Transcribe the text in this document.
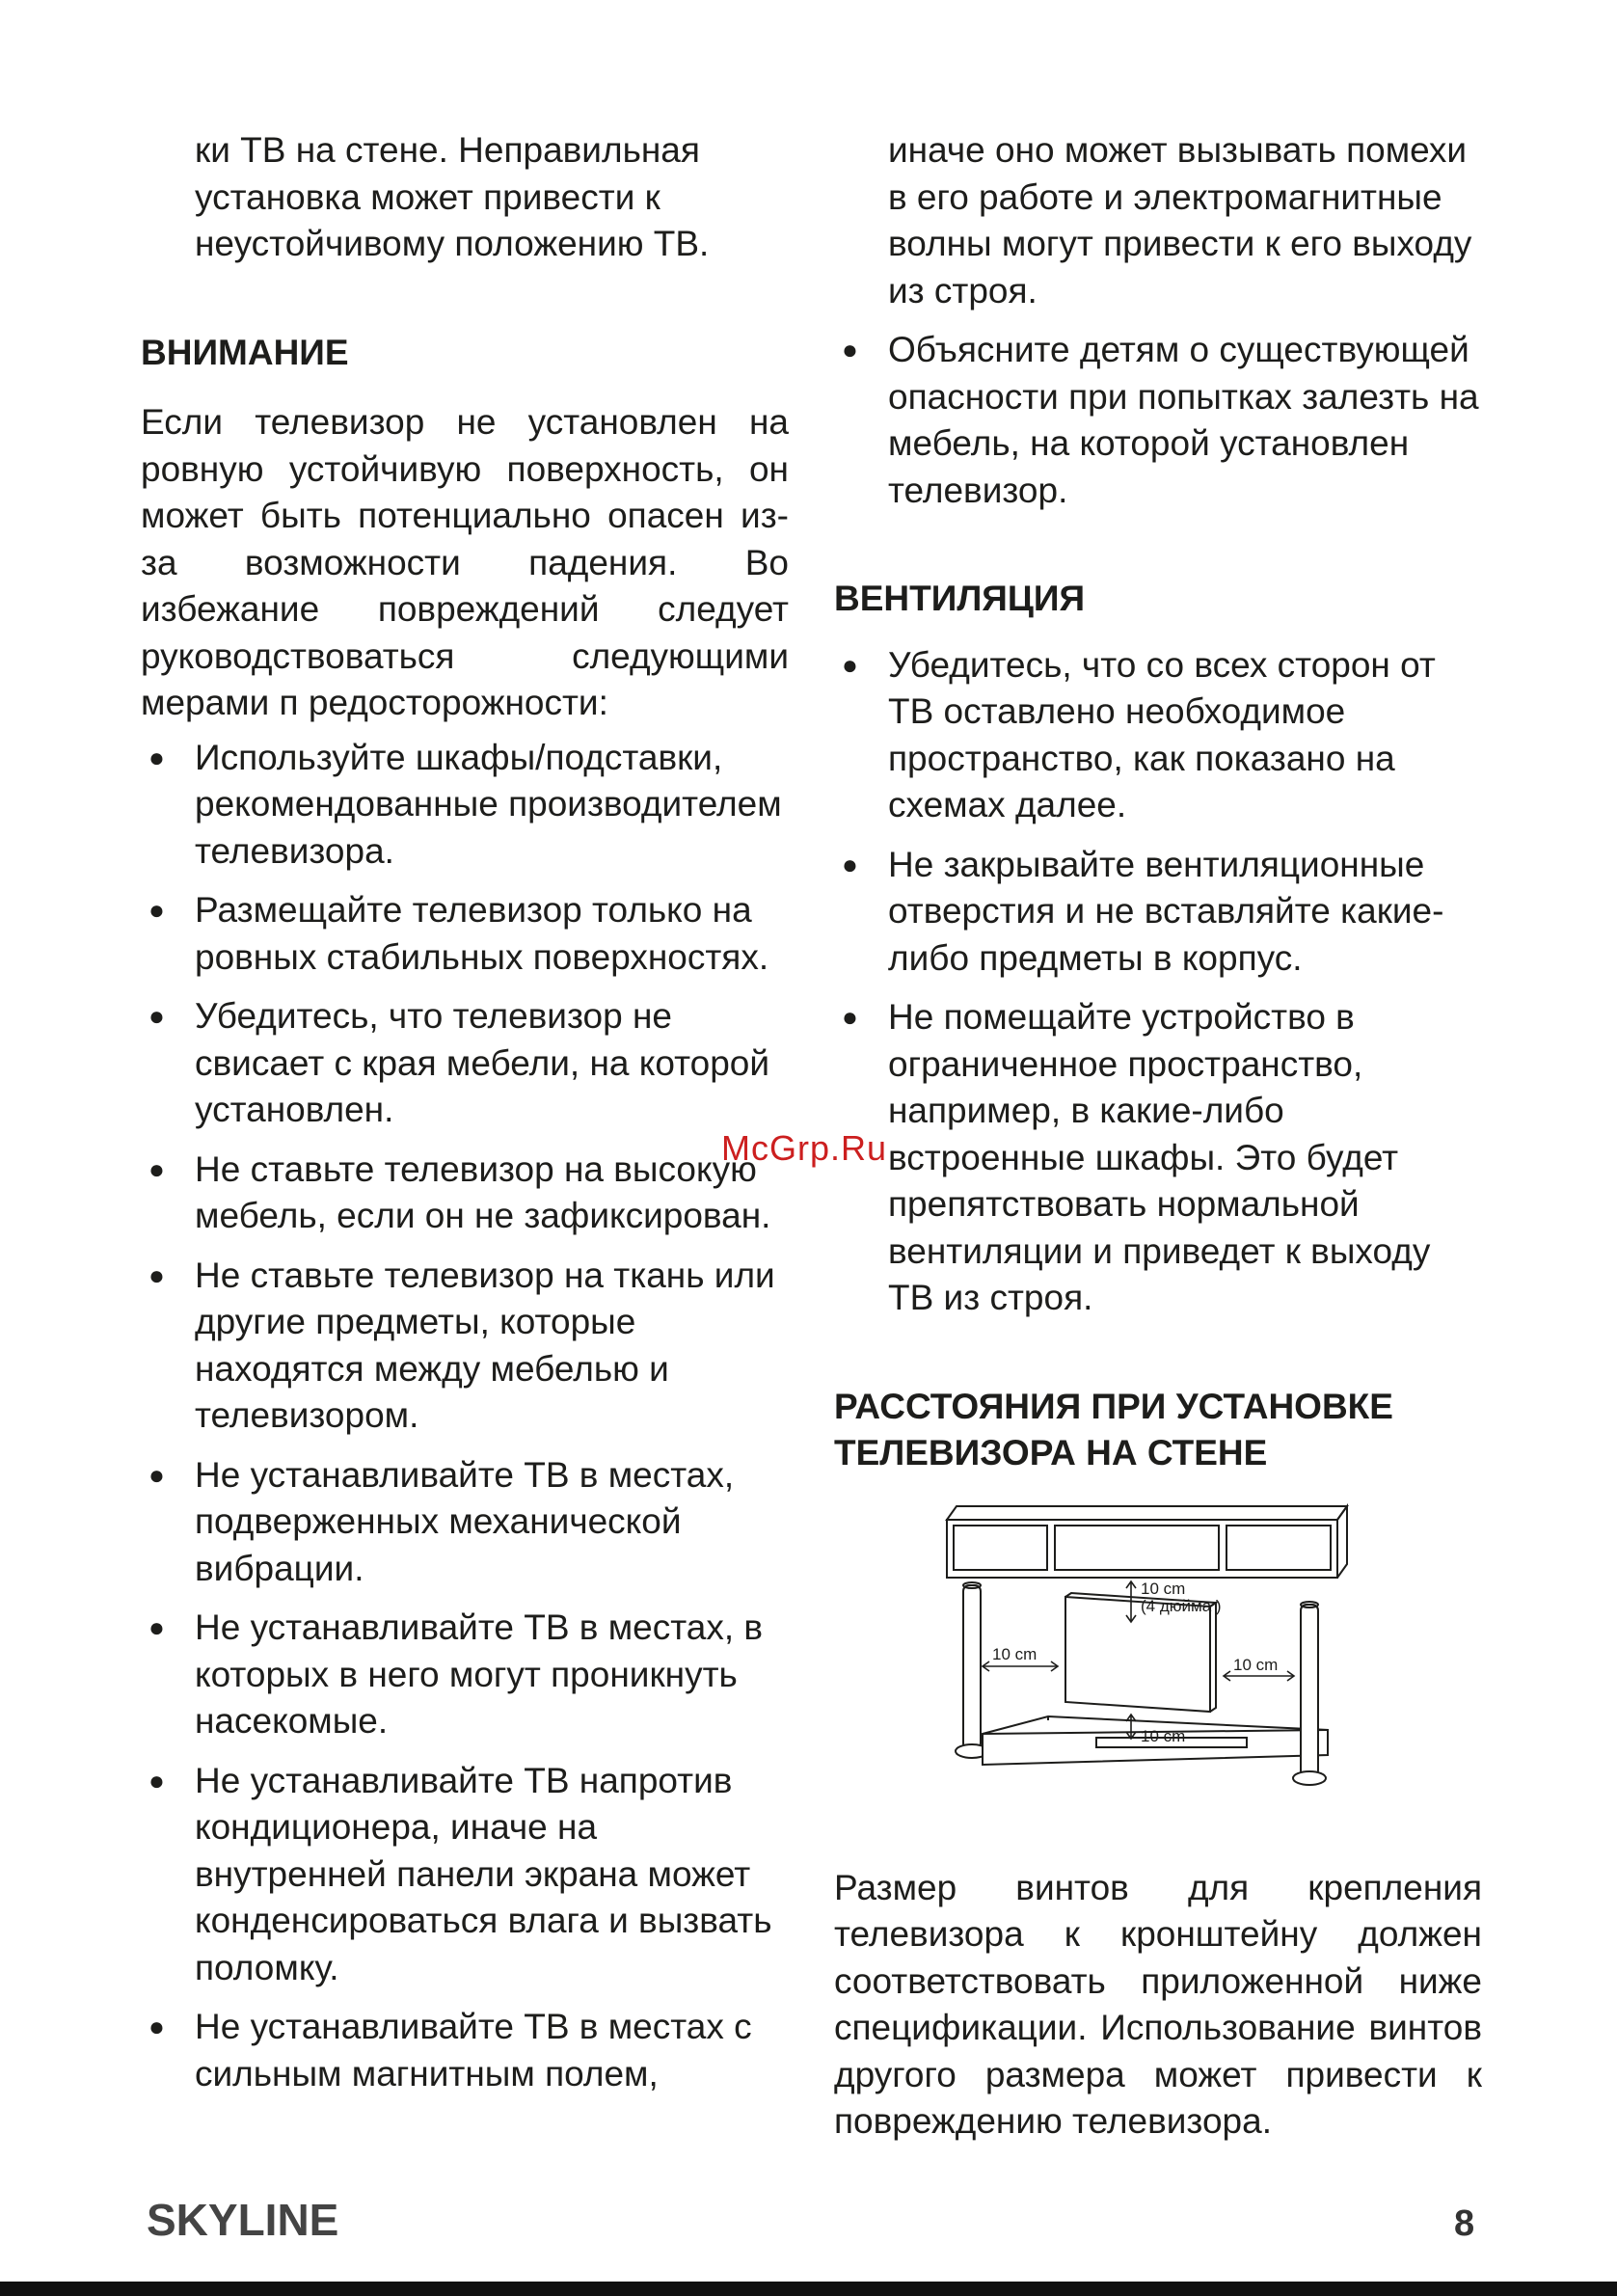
ки ТВ на стене. Неправильная установка может привести к неустойчивому положению ТВ.

ВНИМАНИЕ

Если телевизор не установлен на ровную устойчивую поверхность, он может быть потенциально опасен из-за возможности падения. Во избежание повреждений следует руководствоваться следующими мерами п редосторожности:

● Используйте шкафы/подставки, рекомендованные производителем телевизора.
● Размещайте телевизор только на ровных стабильных поверхностях.
● Убедитесь, что телевизор не свисает с края мебели, на которой установлен.
● Не ставьте телевизор на высокую мебель, если он не зафиксирован.
● Не ставьте телевизор на ткань или другие предметы, которые находятся между мебелью и телевизором.
● Не устанавливайте ТВ в местах, подверженных механической вибрации.
● Не устанавливайте ТВ в местах, в которых в него могут проникнуть насекомые.
● Не устанавливайте ТВ напротив кондиционера, иначе на внутренней панели экрана может конденсироваться влага и вызвать поломку.
● Не устанавливайте ТВ в местах с сильным магнитным полем,

иначе оно может вызывать помехи в его работе и электромагнитные волны могут привести к его выходу из строя.

● Объясните детям о существующей опасности при попытках залезть на мебель, на которой установлен телевизор.
ВЕНТИЛЯЦИЯ
● Убедитесь, что со всех сторон от ТВ оставлено необходимое пространство, как показано на схемах далее.
● Не закрывайте вентиляционные отверстия и не вставляйте какие-либо предметы в корпус.
● Не помещайте устройство в ограниченное пространство, например, в какие-либо встроенные шкафы. Это будет препятствовать нормальной вентиляции и приведет к выходу ТВ из строя.
РАССТОЯНИЯ ПРИ УСТАНОВКЕ ТЕЛЕВИЗОРА НА СТЕНЕ
10 cm
(4 дюйма )
10 cm
10 cm
10 cm

Размер винтов для крепления телевизора к кронштейну должен соответствовать приложенной ниже спецификации. Использование винтов другого размера может привести к повреждению телевизора.

McGrp.Ru
SKYLINE	8
